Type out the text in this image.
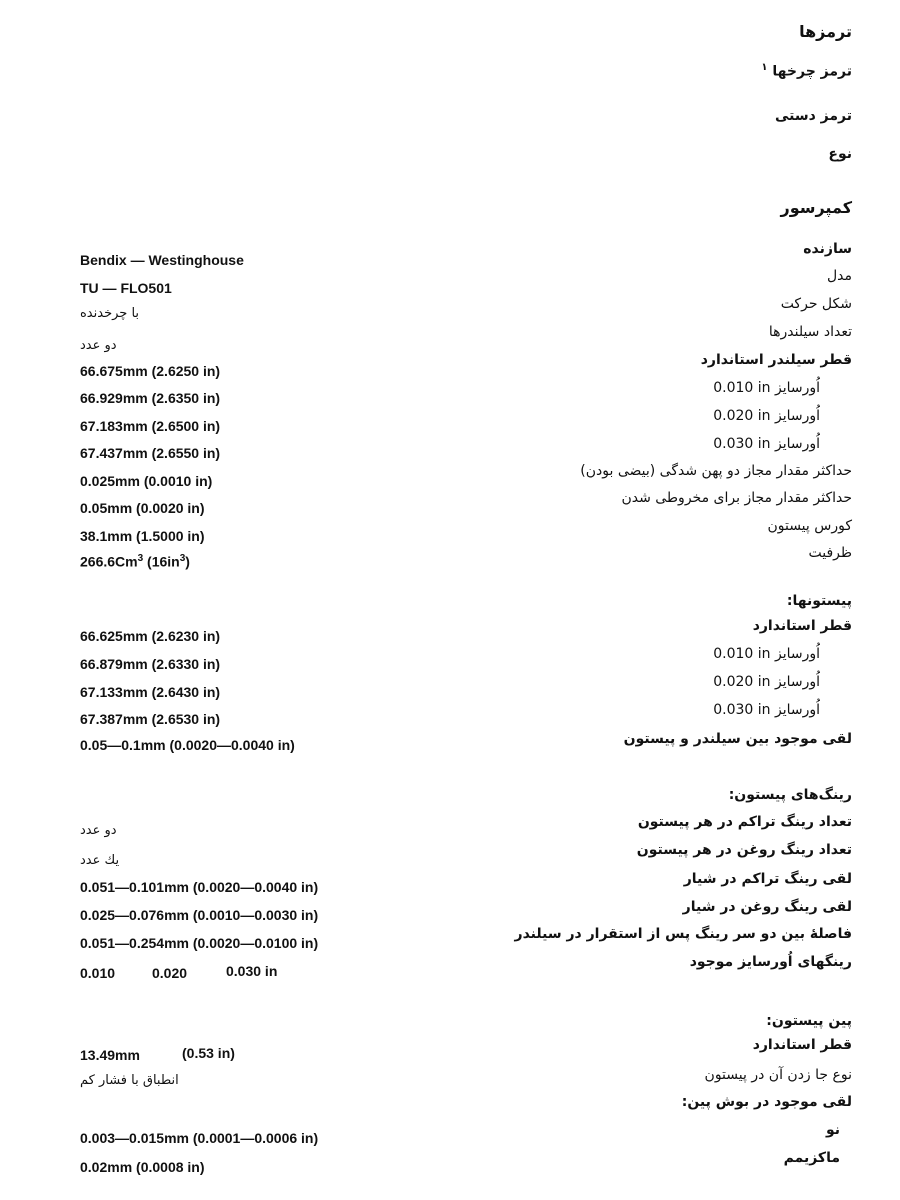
ترمزها
ترمز چرخها $^۱$
ترمز دستی
نوع
کمپرسور
سازنده
Bendix — Westinghouse
مدل
TU — FLO501
شکل حرکت
با چرخدنده
تعداد سیلندرها
دو عدد
قطر سیلندر استاندارد
66.675mm (2.6250 in)
0.010 in اُورسایز
66.929mm (2.6350 in)
0.020 in اُورسایز
67.183mm (2.6500 in)
0.030 in اُورسایز
67.437mm (2.6550 in)
حداکثر مقدار مجاز دو پهن شدگی (بیضی بودن)
0.025mm (0.0010 in)
حداکثر مقدار مجاز برای مخروطی شدن
0.05mm (0.0020 in)
کورس پیستون
38.1mm (1.5000 in)
ظرفیت
266.6Cm$^3$ $(16in^3)$
پیستونها:
قطر استاندارد
66.625mm (2.6230 in)
0.010 in اُورسایز
66.879mm (2.6330 in)
0.020 in اُورسایز
67.133mm (2.6430 in)
0.030 in اُورسایز
67.387mm (2.6530 in)
لقی موجود بین سیلندر و پیستون
0.05—0.1mm (0.0020—0.0040 in)
رینگ‌های پیستون:
تعداد رینگ تراکم در هر پیستون
دو عدد
تعداد رینگ روغن در هر پیستون
یك عدد
لقی رینگ تراکم در شیار
0.051—0.101mm (0.0020—0.0040 in)
لقی رینگ روغن در شیار
0.025—0.076mm (0.0010—0.0030 in)
فاصلهٔ بین دو سر رینگ پس از استقرار در سیلندر
0.051—0.254mm (0.0020—0.0100 in)
رینگهای اُورسایز موجود
0.010	0.020	0.030 in
پین پیستون:
قطر استاندارد
13.49mm	(0.53 in)
نوع جا زدن آن در پیستون
انطباق با فشار کم
لقی موجود در بوش پین:
نو
0.003—0.015mm (0.0001—0.0006 in)
ماکزیمم
0.02mm (0.0008 in)
